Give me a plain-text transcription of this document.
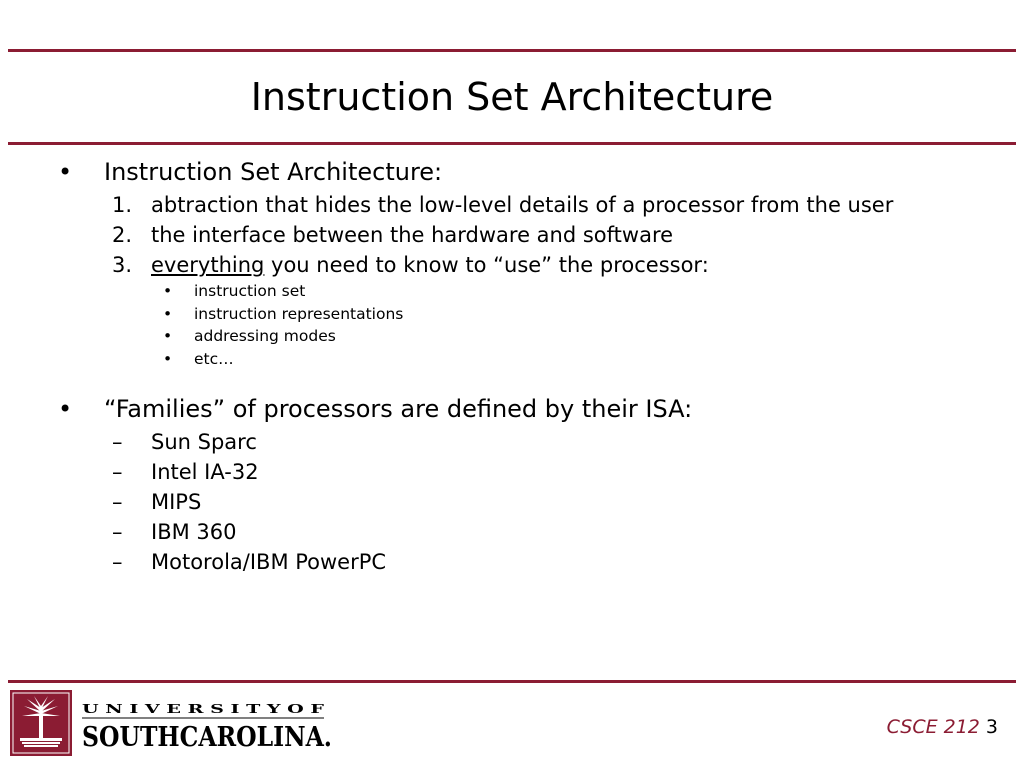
Instruction Set Architecture
• Instruction Set Architecture:
1. abtraction that hides the low-level details of a processor from the user
2. the interface between the hardware and software
3. everything you need to know to “use” the processor:
•	instruction set
•	instruction representations
•	addressing modes
•	etc…
• “Families” of processors are defined by their ISA:
–	Sun Sparc
–	Intel IA-32
–	MIPS
–	IBM 360
–	Motorola/IBM PowerPC
U N I V E R S I T Y O F
SOUTHCAROLINA.	CSCE 212 3
